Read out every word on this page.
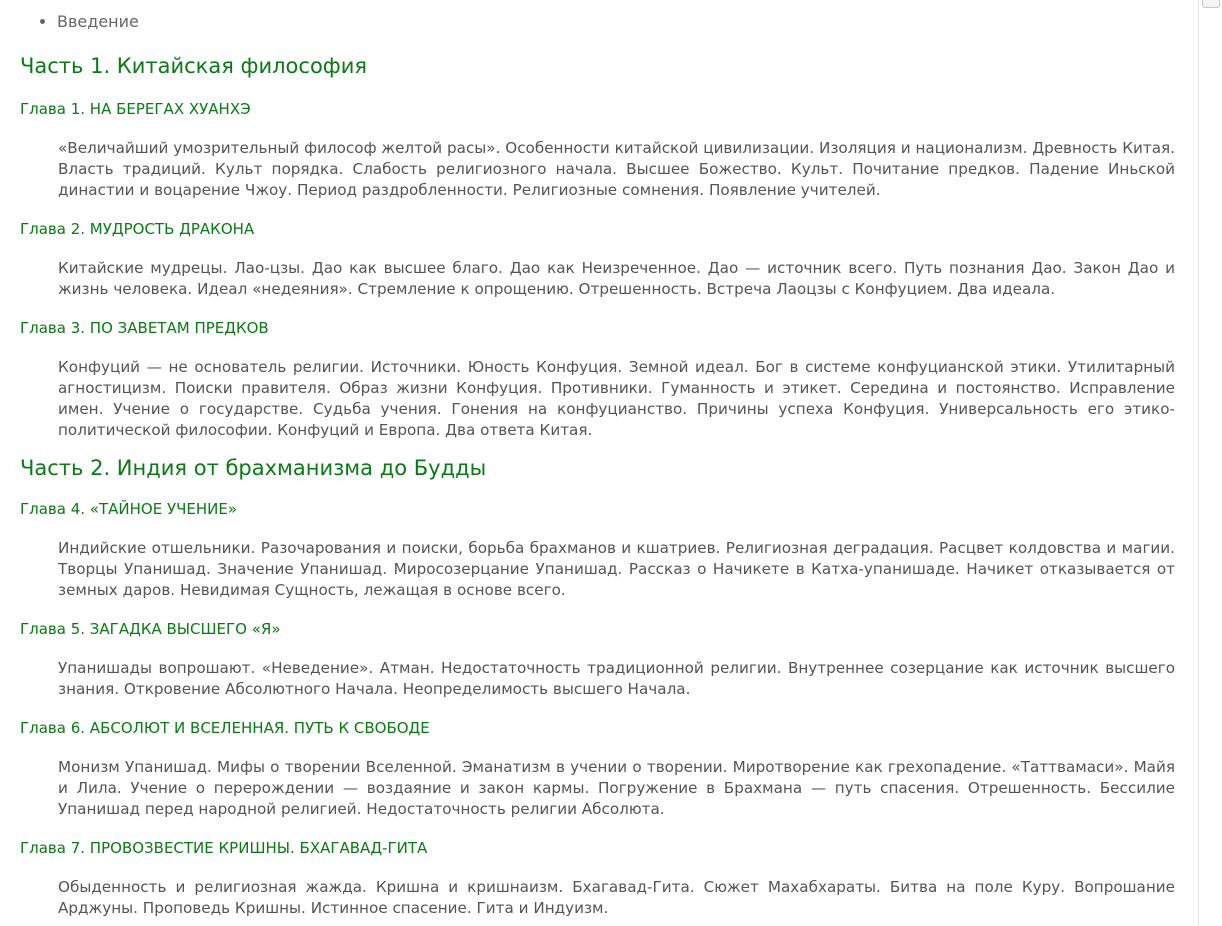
• Введение
Часть 1. Китайская философия
Глава 1. НА БЕРЕГАХ ХУАНХЭ

«Величайший умозрительный философ желтой расы». Особенности китайской цивилизации. Изоляция и национализм. Древность Китая. Власть традиций. Культ порядка. Слабость религиозного начала. Высшее Божество. Культ. Почитание предков. Падение Иньской династии и воцарение Чжоу. Период раздробленности. Религиозные сомнения. Появление учителей.

Глава 2. МУДРОСТЬ ДРАКОНА

Китайские мудрецы. Лао-цзы. Дао как высшее благо. Дао как Неизреченное. Дао — источник всего. Путь познания Дао. Закон Дао и жизнь человека. Идеал «недеяния». Стремление к опрощению. Отрешенность. Встреча Лаоцзы с Конфуцием. Два идеала.

Глава 3. ПО ЗАВЕТАМ ПРЕДКОВ

Конфуций — не основатель религии. Источники. Юность Конфуция. Земной идеал. Бог в системе конфуцианской этики. Утилитарный агностицизм. Поиски правителя. Образ жизни Конфуция. Противники. Гуманность и этикет. Середина и постоянство. Исправление имен. Учение о государстве. Судьба учения. Гонения на конфуцианство. Причины успеха Конфуция. Универсальность его этико-политической философии. Конфуций и Европа. Два ответа Китая.

Часть 2. Индия от брахманизма до Будды
Глава 4. «ТАЙНОЕ УЧЕНИЕ»

Индийские отшельники. Разочарования и поиски, борьба брахманов и кшатриев. Религиозная деградация. Расцвет колдовства и магии. Творцы Упанишад. Значение Упанишад. Миросозерцание Упанишад. Рассказ о Начикете в Катха-упанишаде. Начикет отказывается от земных даров. Невидимая Сущность, лежащая в основе всего.

Глава 5. ЗАГАДКА ВЫСШЕГО «Я»

Упанишады вопрошают. «Неведение». Атман. Недостаточность традиционной религии. Внутреннее созерцание как источник высшего знания. Откровение Абсолютного Начала. Неопределимость высшего Начала.

Глава 6. АБСОЛЮТ И ВСЕЛЕННАЯ. ПУТЬ К СВОБОДЕ

Монизм Упанишад. Мифы о творении Вселенной. Эманатизм в учении о творении. Миротворение как грехопадение. «Таттвамаси». Майя и Лила. Учение о перерождении — воздаяние и закон кармы. Погружение в Брахмана — путь спасения. Отрешенность. Бессилие Упанишад перед народной религией. Недостаточность религии Абсолюта.

Глава 7. ПРОВОЗВЕСТИЕ КРИШНЫ. БХАГАВАД-ГИТА

Обыденность и религиозная жажда. Кришна и кришнаизм. Бхагавад-Гита. Сюжет Махабхараты. Битва на поле Куру. Вопрошание Арджуны. Проповедь Кришны. Истинное спасение. Гита и Индуизм.
